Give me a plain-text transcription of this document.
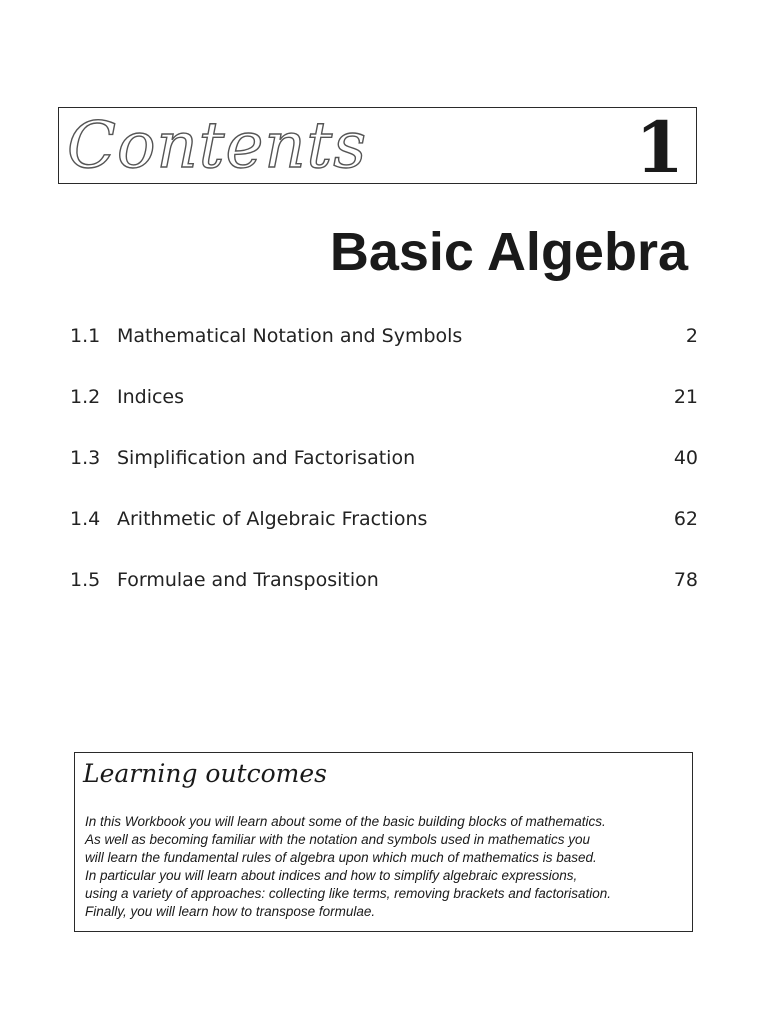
Contents	1
Basic Algebra
1.1 Mathematical Notation and Symbols	2
1.2 Indices	21
1.3 Simplification and Factorisation	40
1.4 Arithmetic of Algebraic Fractions	62
1.5 Formulae and Transposition	78
Learning outcomes

In this Workbook you will learn about some of the basic building blocks of mathematics.
As well as becoming familiar with the notation and symbols used in mathematics you
will learn the fundamental rules of algebra upon which much of mathematics is based.
In particular you will learn about indices and how to simplify algebraic expressions,
using a variety of approaches: collecting like terms, removing brackets and factorisation.
Finally, you will learn how to transpose formulae.
